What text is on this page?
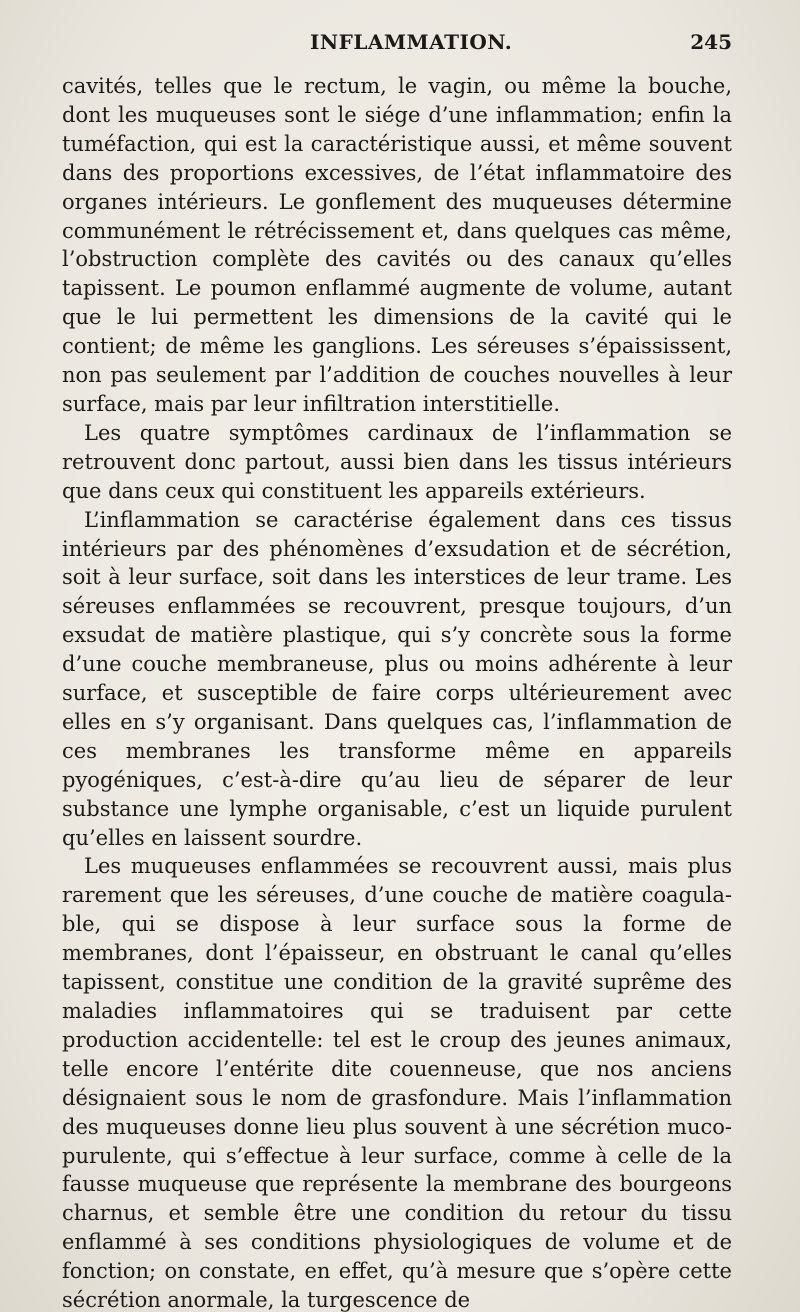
INFLAMMATION.	245

cavités, telles que le rectum, le vagin, ou même la bouche, dont les muqueuses sont le siége d’une inflammation; enfin la tuméfaction, qui est la caractéristique aussi, et même souvent dans des proportions excessives, de l’état inflammatoire des organes intérieurs. Le gonflement des muqueuses détermine communément le rétrécissement et, dans quelques cas même, l’obstruction complète des cavités ou des canaux qu’elles tapissent. Le poumon enflammé augmente de volume, autant que le lui permettent les dimensions de la cavité qui le contient; de même les ganglions. Les séreuses s’épaississent, non pas seulement par l’addition de couches nouvelles à leur surface, mais par leur infiltration interstitielle.

Les quatre symptômes cardinaux de l’inflammation se retrouvent donc partout, aussi bien dans les tissus intérieurs que dans ceux qui constituent les appareils extérieurs.

L’inflammation se caractérise également dans ces tissus intérieurs par des phénomènes d’exsudation et de sécrétion, soit à leur surface, soit dans les interstices de leur trame. Les séreuses enflammées se recouvrent, presque toujours, d’un exsudat de matière plastique, qui s’y concrète sous la forme d’une couche membraneuse, plus ou moins adhérente à leur surface, et susceptible de faire corps ultérieurement avec elles en s’y organisant. Dans quelques cas, l’inflammation de ces membranes les transforme même en appareils pyogéniques, c’est-à-dire qu’au lieu de séparer de leur substance une lymphe organisable, c’est un liquide purulent qu’elles en laissent sourdre.

Les muqueuses enflammées se recouvrent aussi, mais plus rarement que les séreuses, d’une couche de matière coagulable, qui se dispose à leur surface sous la forme de membranes, dont l’épaisseur, en obstruant le canal qu’elles tapissent, constitue une condition de la gravité suprême des maladies inflammatoires qui se traduisent par cette production accidentelle: tel est le croup des jeunes animaux, telle encore l’entérite dite couenneuse, que nos anciens désignaient sous le nom de grasfondure. Mais l’inflammation des muqueuses donne lieu plus souvent à une sécrétion muco-purulente, qui s’effectue à leur surface, comme à celle de la fausse muqueuse que représente la membrane des bourgeons charnus, et semble être une condition du retour du tissu enflammé à ses conditions physiologiques de volume et de fonction; on constate, en effet, qu’à mesure que s’opère cette sécrétion anormale, la turgescence de
